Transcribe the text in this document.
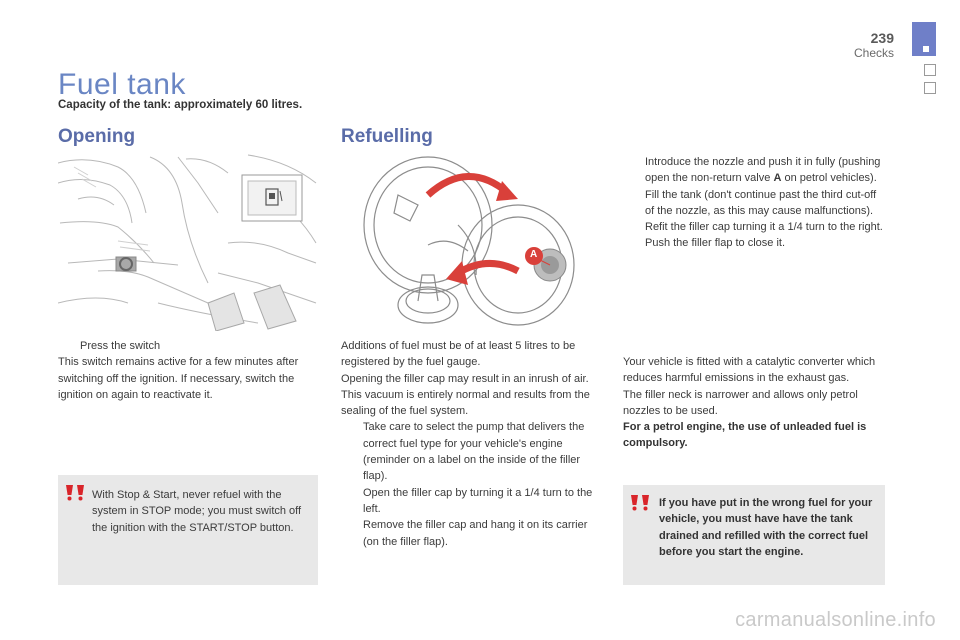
239
Checks
Fuel tank
Capacity of the tank: approximately 60 litres.
Opening	Refuelling
A
Press the switch

This switch remains active for a few minutes after switching off the ignition. If necessary, switch the ignition on again to reactivate it.

With Stop & Start, never refuel with the system in STOP mode; you must switch off the ignition with the START/STOP button.

Additions of fuel must be of at least 5 litres to be registered by the fuel gauge.

Opening the filler cap may result in an inrush of air. This vacuum is entirely normal and results from the sealing of the fuel system.

Take care to select the pump that delivers the correct fuel type for your vehicle's engine (reminder on a label on the inside of the filler flap).
Open the filler cap by turning it a 1/4 turn to the left.
Remove the filler cap and hang it on its carrier (on the filler flap).
Introduce the nozzle and push it in fully (pushing open the non-return valve A on petrol vehicles).
Fill the tank (don't continue past the third cut-off of the nozzle, as this may cause malfunctions).
Refit the filler cap turning it a 1/4 turn to the right.
Push the filler flap to close it.

Your vehicle is fitted with a catalytic converter which reduces harmful emissions in the exhaust gas.

The filler neck is narrower and allows only petrol nozzles to be used.

For a petrol engine, the use of unleaded fuel is compulsory.

If you have put in the wrong fuel for your vehicle, you must have have the tank drained and refilled with the correct fuel before you start the engine.
carmanualsonline.info
